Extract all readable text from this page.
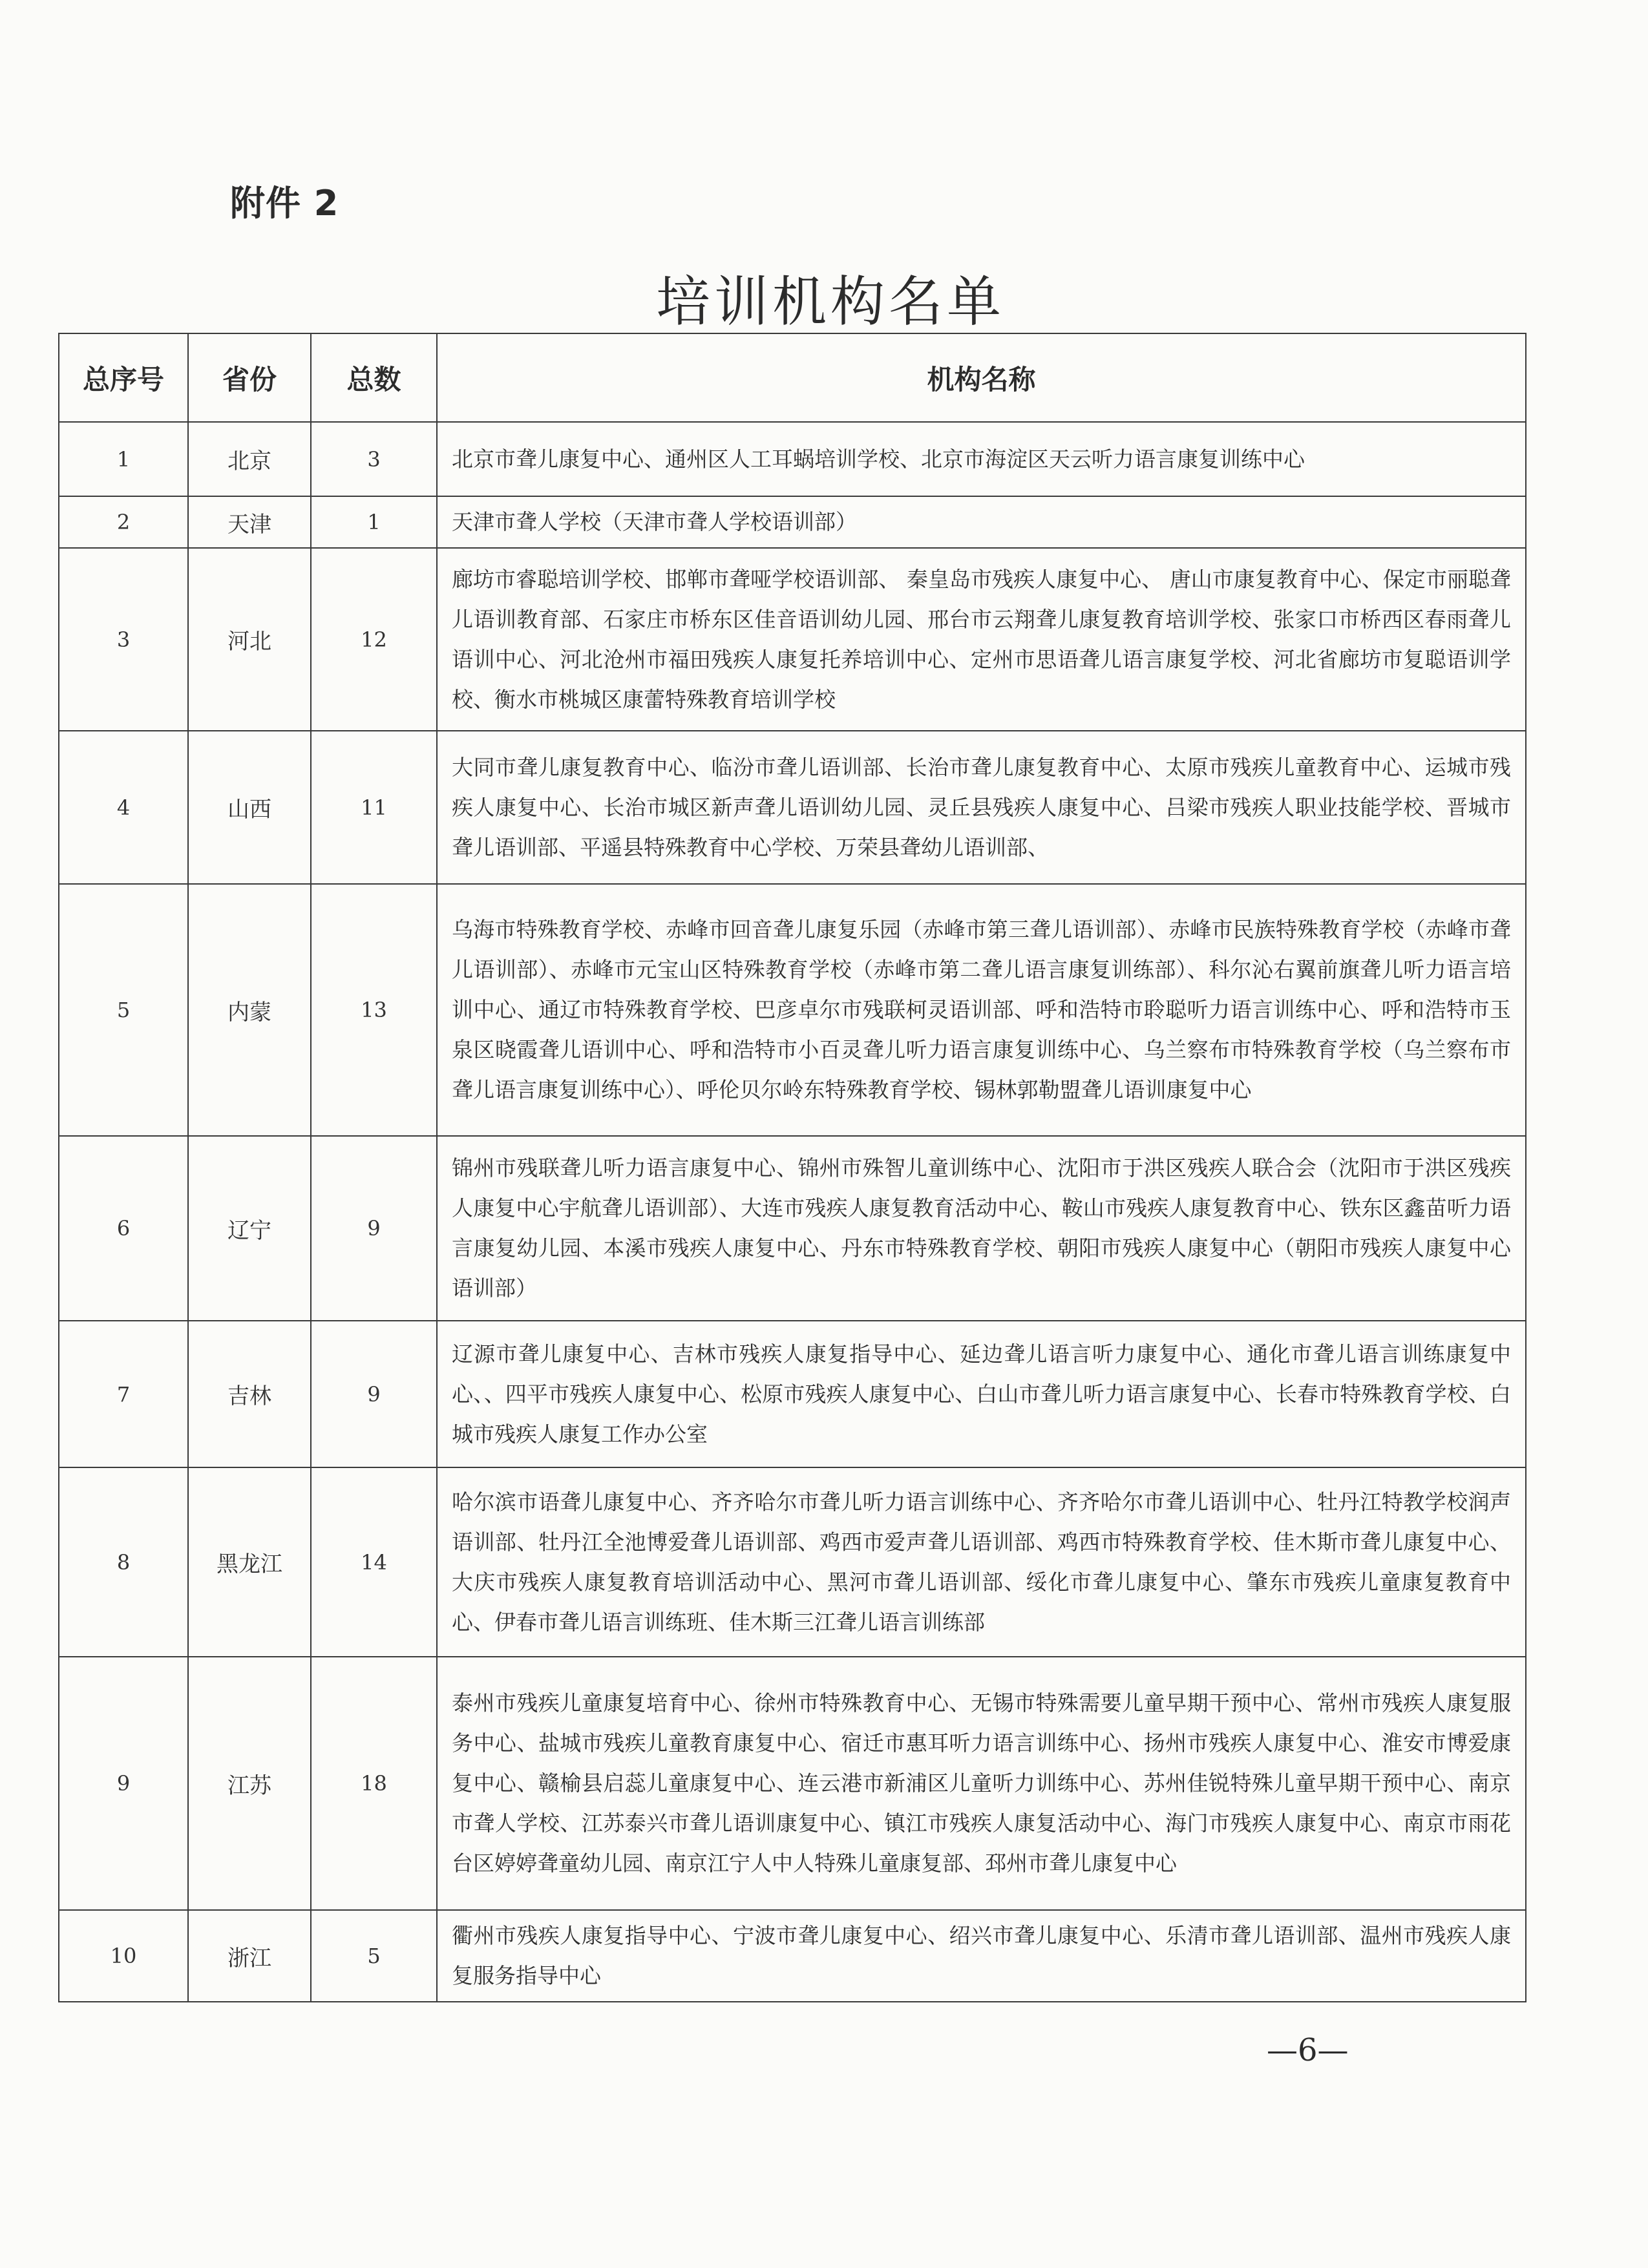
附件 2
培训机构名单
总序号	省份	总数	机构名称
1	北京	3	北京市聋儿康复中心、通州区人工耳蜗培训学校、北京市海淀区天云听力语言康复训练中心
2	天津	1	天津市聋人学校（天津市聋人学校语训部）
3	河北	12	廊坊市睿聪培训学校、邯郸市聋哑学校语训部、 秦皇岛市残疾人康复中心、 唐山市康复教育中心、保定市丽聪聋儿语训教育部、石家庄市桥东区佳音语训幼儿园、邢台市云翔聋儿康复教育培训学校、张家口市桥西区春雨聋儿语训中心、河北沧州市福田残疾人康复托养培训中心、定州市思语聋儿语言康复学校、河北省廊坊市复聪语训学校、衡水市桃城区康蕾特殊教育培训学校
4	山西	11	大同市聋儿康复教育中心、临汾市聋儿语训部、长治市聋儿康复教育中心、太原市残疾儿童教育中心、运城市残疾人康复中心、长治市城区新声聋儿语训幼儿园、灵丘县残疾人康复中心、吕梁市残疾人职业技能学校、晋城市聋儿语训部、平遥县特殊教育中心学校、万荣县聋幼儿语训部、
5	内蒙	13	乌海市特殊教育学校、赤峰市回音聋儿康复乐园（赤峰市第三聋儿语训部）、赤峰市民族特殊教育学校（赤峰市聋儿语训部）、赤峰市元宝山区特殊教育学校（赤峰市第二聋儿语言康复训练部）、科尔沁右翼前旗聋儿听力语言培训中心、通辽市特殊教育学校、巴彦卓尔市残联柯灵语训部、呼和浩特市聆聪听力语言训练中心、呼和浩特市玉泉区晓霞聋儿语训中心、呼和浩特市小百灵聋儿听力语言康复训练中心、乌兰察布市特殊教育学校（乌兰察布市聋儿语言康复训练中心）、呼伦贝尔岭东特殊教育学校、锡林郭勒盟聋儿语训康复中心
6	辽宁	9	锦州市残联聋儿听力语言康复中心、锦州市殊智儿童训练中心、沈阳市于洪区残疾人联合会（沈阳市于洪区残疾人康复中心宇航聋儿语训部）、大连市残疾人康复教育活动中心、鞍山市残疾人康复教育中心、铁东区鑫苗听力语言康复幼儿园、本溪市残疾人康复中心、丹东市特殊教育学校、朝阳市残疾人康复中心（朝阳市残疾人康复中心语训部）
7	吉林	9	辽源市聋儿康复中心、吉林市残疾人康复指导中心、延边聋儿语言听力康复中心、通化市聋儿语言训练康复中心、、四平市残疾人康复中心、松原市残疾人康复中心、白山市聋儿听力语言康复中心、长春市特殊教育学校、白城市残疾人康复工作办公室
8	黑龙江	14	哈尔滨市语聋儿康复中心、齐齐哈尔市聋儿听力语言训练中心、齐齐哈尔市聋儿语训中心、牡丹江特教学校润声语训部、牡丹江全池博爱聋儿语训部、鸡西市爱声聋儿语训部、鸡西市特殊教育学校、佳木斯市聋儿康复中心、大庆市残疾人康复教育培训活动中心、黑河市聋儿语训部、绥化市聋儿康复中心、肇东市残疾儿童康复教育中心、伊春市聋儿语言训练班、佳木斯三江聋儿语言训练部
9	江苏	18	泰州市残疾儿童康复培育中心、徐州市特殊教育中心、无锡市特殊需要儿童早期干预中心、常州市残疾人康复服务中心、盐城市残疾儿童教育康复中心、宿迁市惠耳听力语言训练中心、扬州市残疾人康复中心、淮安市博爱康复中心、赣榆县启蕊儿童康复中心、连云港市新浦区儿童听力训练中心、苏州佳锐特殊儿童早期干预中心、南京市聋人学校、江苏泰兴市聋儿语训康复中心、镇江市残疾人康复活动中心、海门市残疾人康复中心、南京市雨花台区婷婷聋童幼儿园、南京江宁人中人特殊儿童康复部、邳州市聋儿康复中心
10	浙江	5	衢州市残疾人康复指导中心、宁波市聋儿康复中心、绍兴市聋儿康复中心、乐清市聋儿语训部、温州市残疾人康复服务指导中心
—6—
